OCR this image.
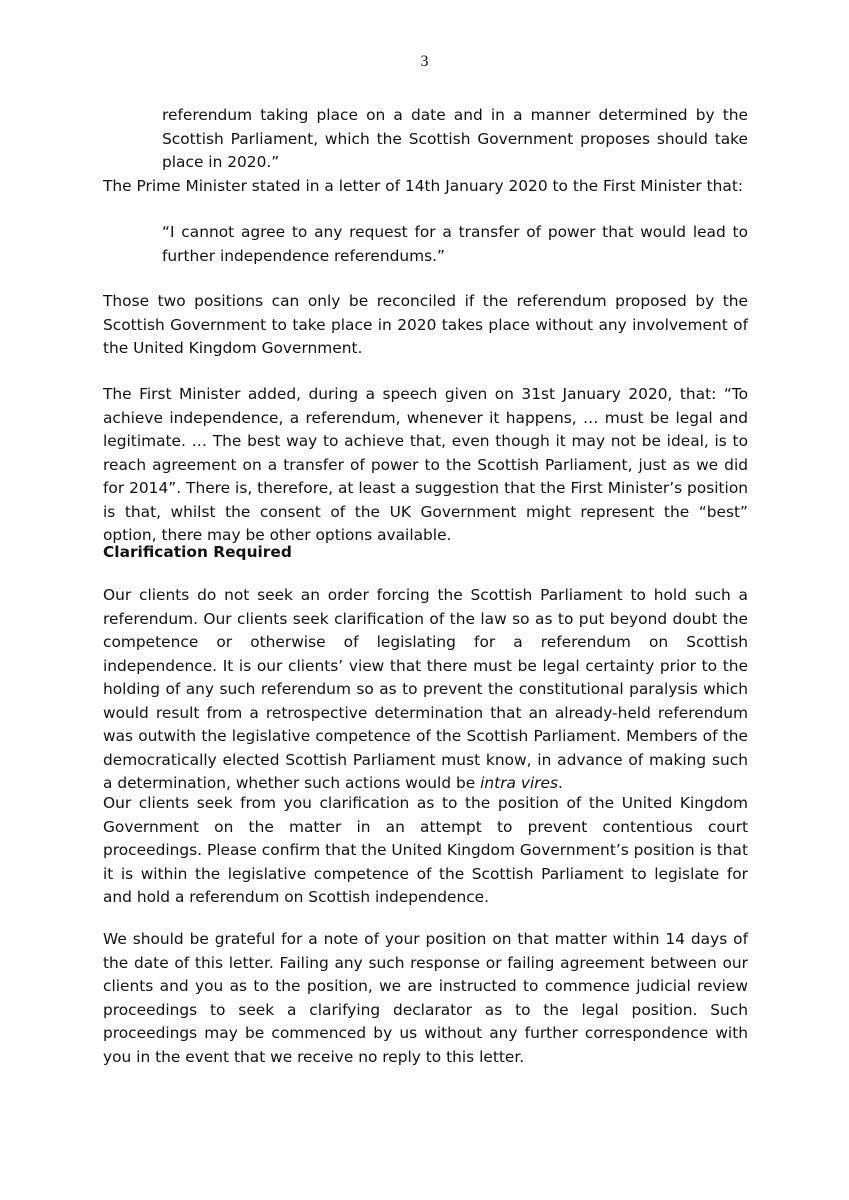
3

referendum taking place on a date and in a manner determined by the Scottish Parliament, which the Scottish Government proposes should take place in 2020.”

The Prime Minister stated in a letter of 14th January 2020 to the First Minister that:

“I cannot agree to any request for a transfer of power that would lead to further independence referendums.”

Those two positions can only be reconciled if the referendum proposed by the Scottish Government to take place in 2020 takes place without any involvement of the United Kingdom Government.

The First Minister added, during a speech given on 31st January 2020, that: “To achieve independence, a referendum, whenever it happens, … must be legal and legitimate. … The best way to achieve that, even though it may not be ideal, is to reach agreement on a transfer of power to the Scottish Parliament, just as we did for 2014”. There is, therefore, at least a suggestion that the First Minister’s position is that, whilst the consent of the UK Government might represent the “best” option, there may be other options available.

Clarification Required

Our clients do not seek an order forcing the Scottish Parliament to hold such a referendum. Our clients seek clarification of the law so as to put beyond doubt the competence or otherwise of legislating for a referendum on Scottish independence. It is our clients’ view that there must be legal certainty prior to the holding of any such referendum so as to prevent the constitutional paralysis which would result from a retrospective determination that an already-held referendum was outwith the legislative competence of the Scottish Parliament. Members of the democratically elected Scottish Parliament must know, in advance of making such a determination, whether such actions would be intra vires.

Our clients seek from you clarification as to the position of the United Kingdom Government on the matter in an attempt to prevent contentious court proceedings. Please confirm that the United Kingdom Government’s position is that it is within the legislative competence of the Scottish Parliament to legislate for and hold a referendum on Scottish independence.

We should be grateful for a note of your position on that matter within 14 days of the date of this letter. Failing any such response or failing agreement between our clients and you as to the position, we are instructed to commence judicial review proceedings to seek a clarifying declarator as to the legal position. Such proceedings may be commenced by us without any further correspondence with you in the event that we receive no reply to this letter.
